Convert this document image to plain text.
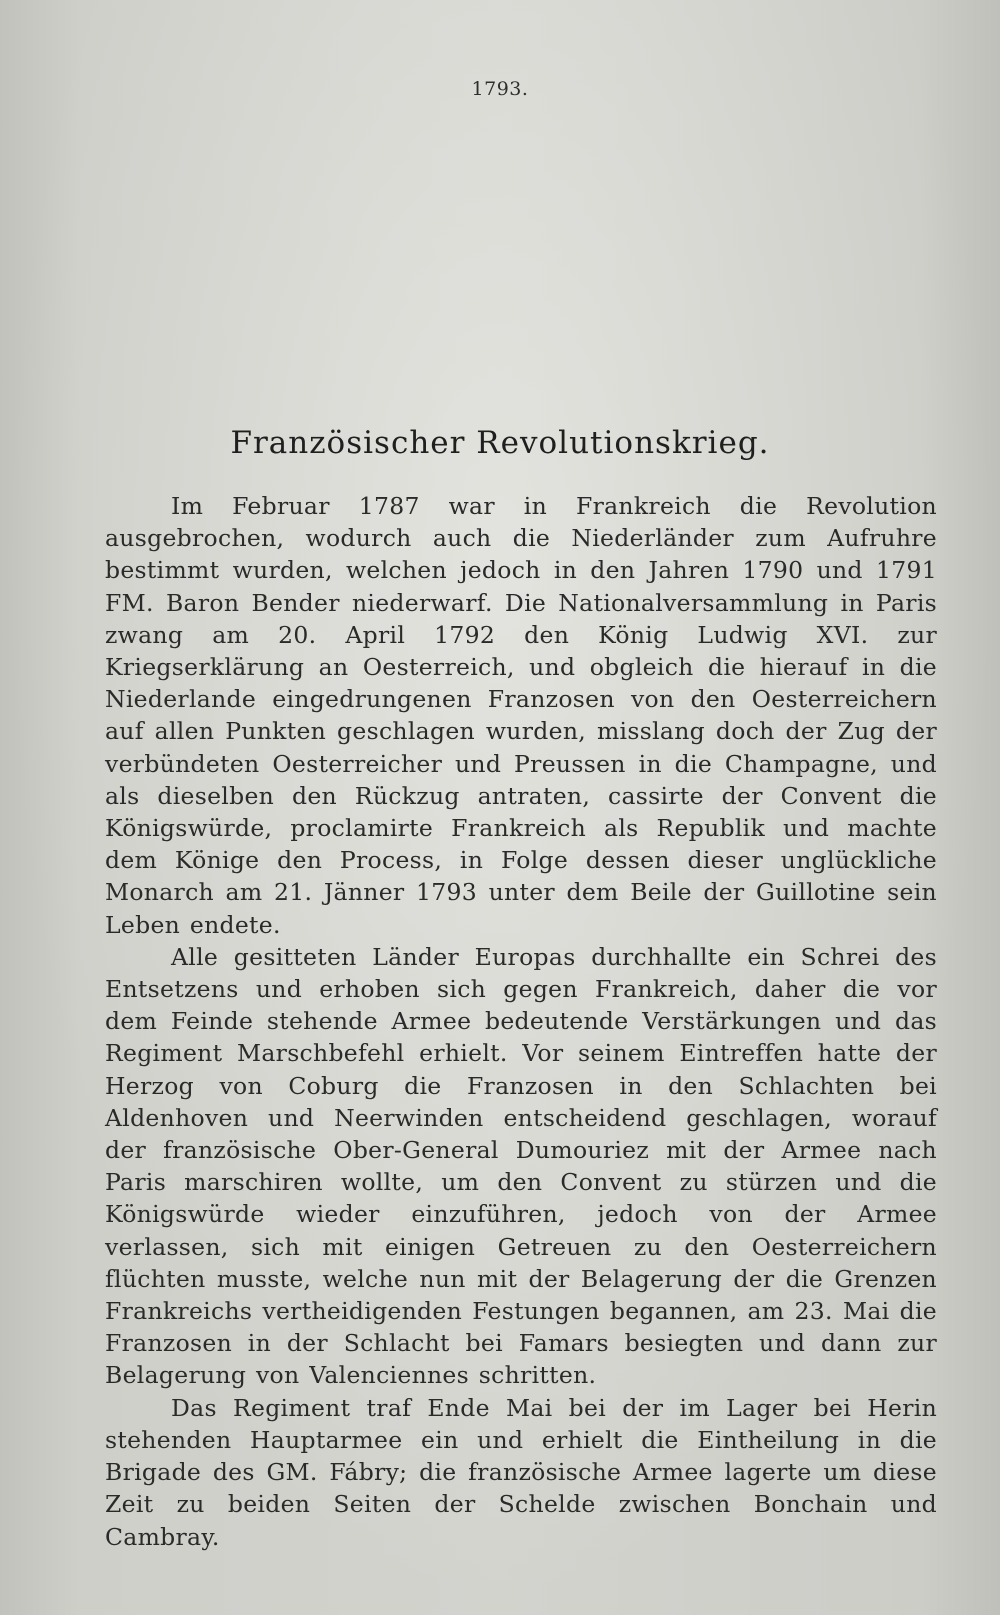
1793.
Französischer Revolutionskrieg.

Im Februar 1787 war in Frankreich die Revolution ausgebrochen, wodurch auch die Niederländer zum Aufruhre bestimmt wurden, welchen jedoch in den Jahren 1790 und 1791 FM. Baron Bender niederwarf. Die Nationalversammlung in Paris zwang am 20. April 1792 den König Ludwig XVI. zur Kriegserklärung an Oesterreich, und obgleich die hierauf in die Niederlande eingedrungenen Franzosen von den Oesterreichern auf allen Punkten geschlagen wurden, misslang doch der Zug der verbündeten Oesterreicher und Preussen in die Champagne, und als dieselben den Rückzug antraten, cassirte der Convent die Königswürde, proclamirte Frankreich als Republik und machte dem Könige den Process, in Folge dessen dieser unglückliche Monarch am 21. Jänner 1793 unter dem Beile der Guillotine sein Leben endete.

Alle gesitteten Länder Europas durchhallte ein Schrei des Entsetzens und erhoben sich gegen Frankreich, daher die vor dem Feinde stehende Armee bedeutende Verstärkungen und das Regiment Marschbefehl erhielt. Vor seinem Eintreffen hatte der Herzog von Coburg die Franzosen in den Schlachten bei Aldenhoven und Neerwinden entscheidend geschlagen, worauf der französische Ober-General Dumouriez mit der Armee nach Paris marschiren wollte, um den Convent zu stürzen und die Königswürde wieder einzuführen, jedoch von der Armee verlassen, sich mit einigen Getreuen zu den Oesterreichern flüchten musste, welche nun mit der Belagerung der die Grenzen Frankreichs vertheidigenden Festungen begannen, am 23. Mai die Franzosen in der Schlacht bei Famars besiegten und dann zur Belagerung von Valenciennes schritten.

Das Regiment traf Ende Mai bei der im Lager bei Herin stehenden Hauptarmee ein und erhielt die Eintheilung in die Brigade des GM. Fábry; die französische Armee lagerte um diese Zeit zu beiden Seiten der Schelde zwischen Bonchain und Cambray.
